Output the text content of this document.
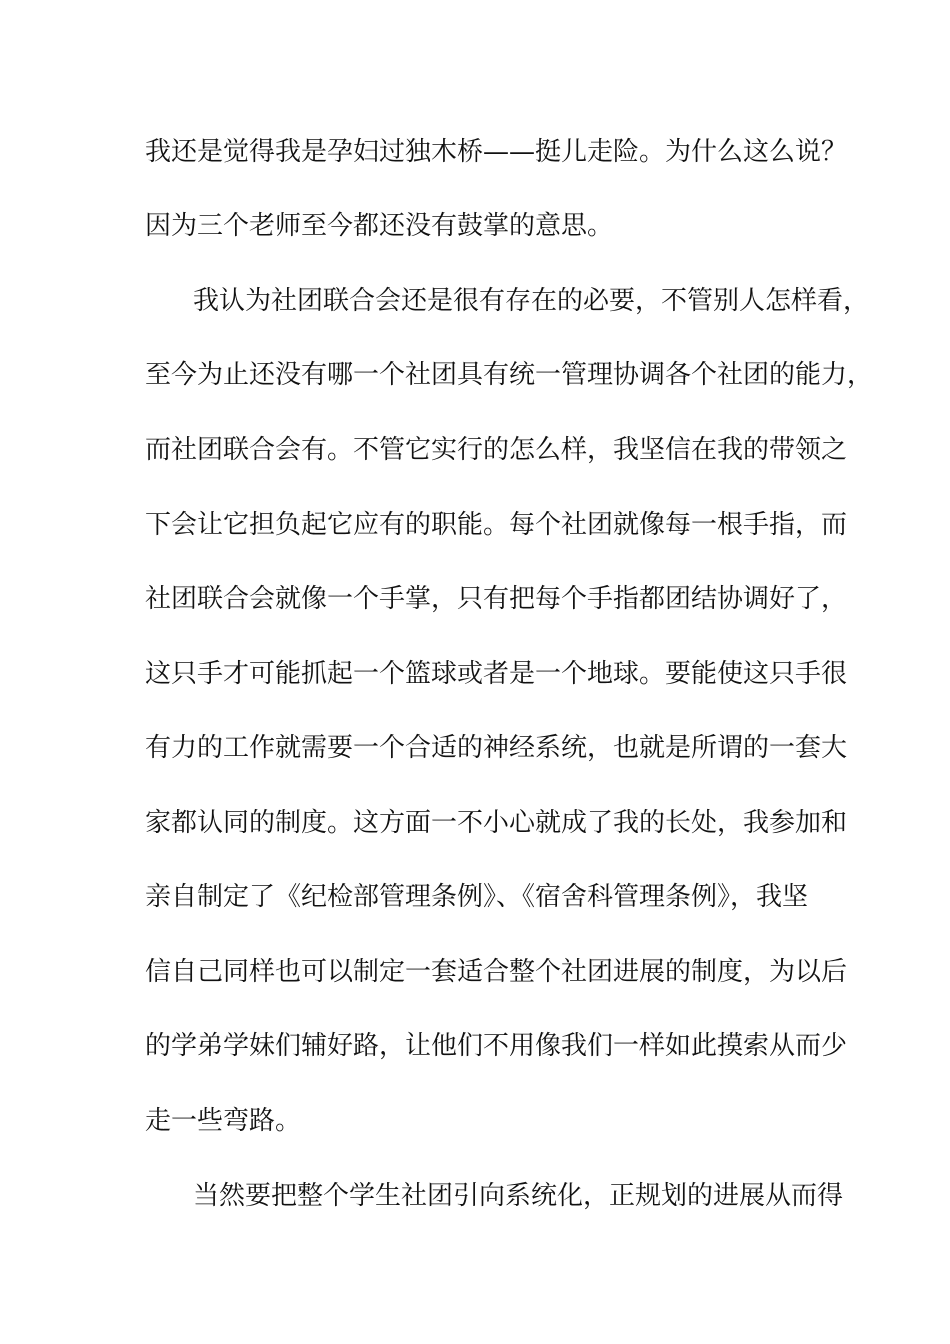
我还是觉得我是孕妇过独木桥——挺儿走险。为什么这么说？
因为三个老师至今都还没有鼓掌的意思。
我认为社团联合会还是很有存在的必要，不管别人怎样看，
至今为止还没有哪一个社团具有统一管理协调各个社团的能力，
而社团联合会有。不管它实行的怎么样，我坚信在我的带领之
下会让它担负起它应有的职能。每个社团就像每一根手指，而
社团联合会就像一个手掌，只有把每个手指都团结协调好了，
这只手才可能抓起一个篮球或者是一个地球。要能使这只手很
有力的工作就需要一个合适的神经系统，也就是所谓的一套大
家都认同的制度。这方面一不小心就成了我的长处，我参加和
亲自制定了《纪检部管理条例》、《宿舍科管理条例》，我坚
信自己同样也可以制定一套适合整个社团进展的制度，为以后
的学弟学妹们辅好路，让他们不用像我们一样如此摸索从而少
走一些弯路。
当然要把整个学生社团引向系统化，正规划的进展从而得
